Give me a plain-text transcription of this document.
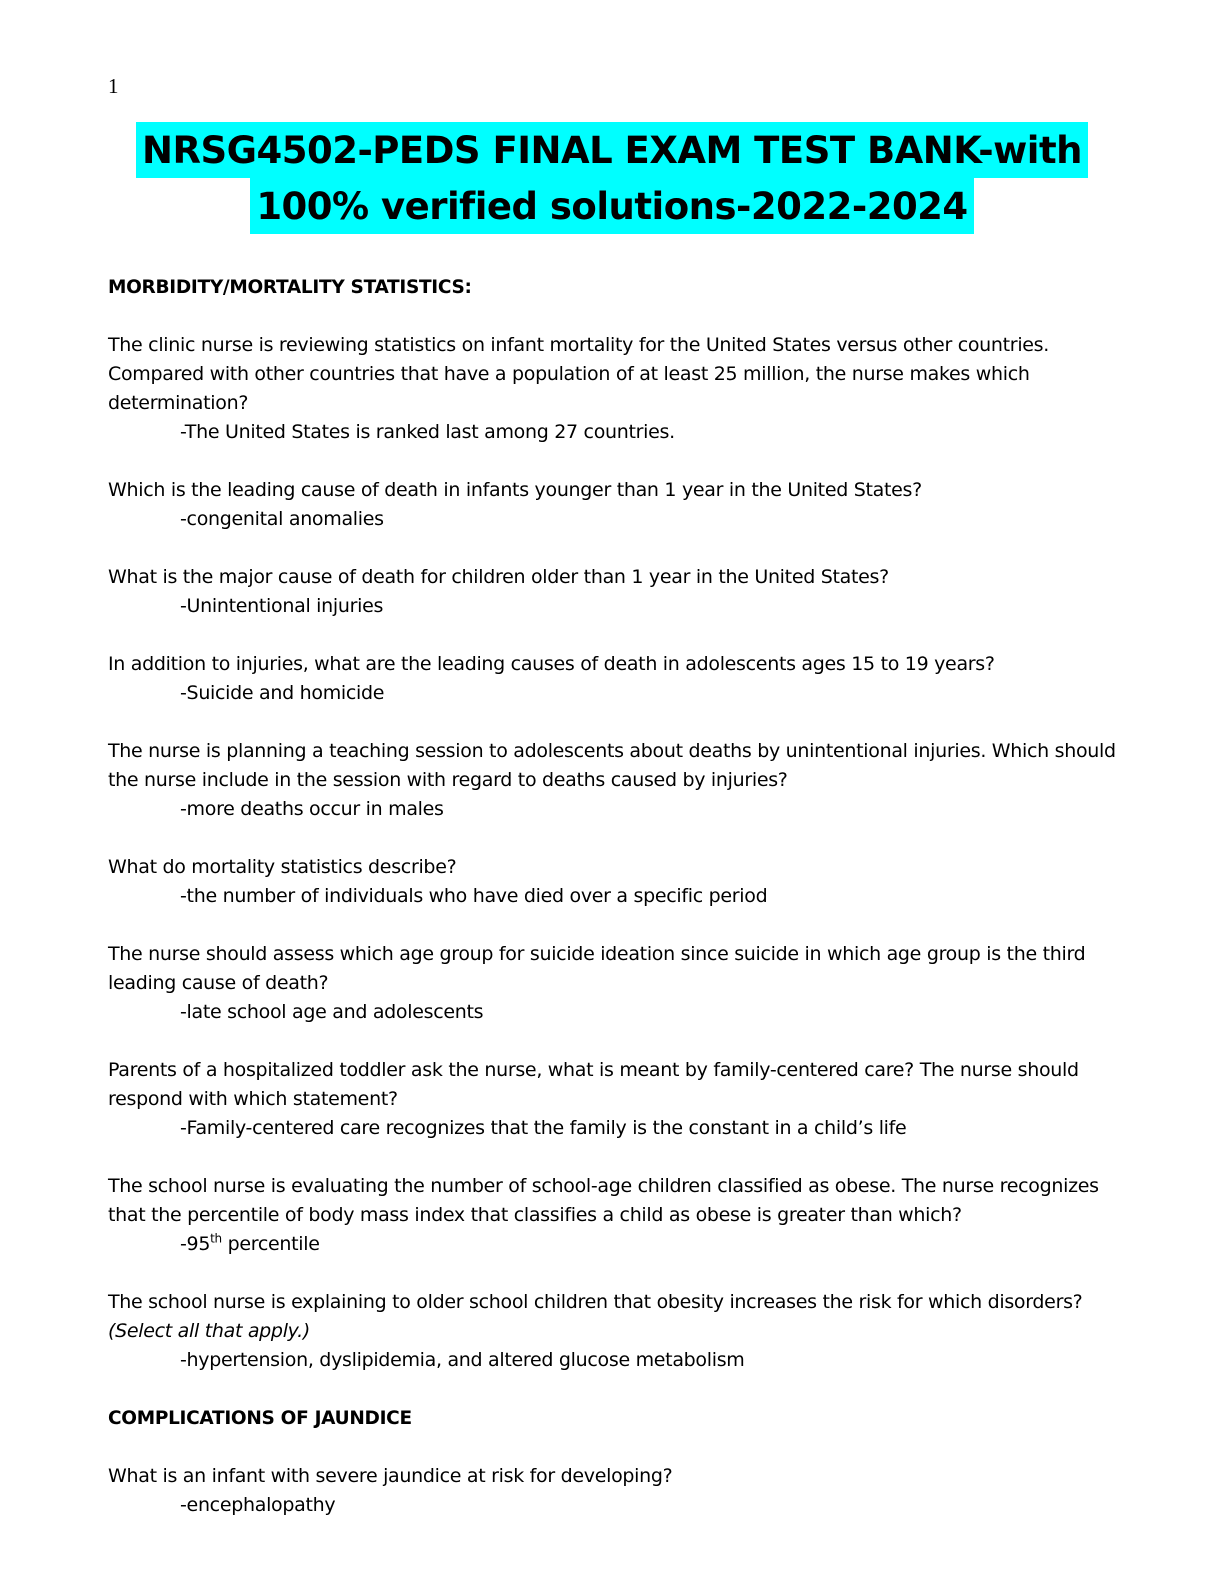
1
NRSG4502-PEDS FINAL EXAM TEST BANK-with
100% verified solutions-2022-2024

MORBIDITY/MORTALITY STATISTICS:

The clinic nurse is reviewing statistics on infant mortality for the United States versus other countries. Compared with other countries that have a population of at least 25 million, the nurse makes which determination?

-The United States is ranked last among 27 countries.

Which is the leading cause of death in infants younger than 1 year in the United States?

-congenital anomalies

What is the major cause of death for children older than 1 year in the United States?

-Unintentional injuries

In addition to injuries, what are the leading causes of death in adolescents ages 15 to 19 years?

-Suicide and homicide

The nurse is planning a teaching session to adolescents about deaths by unintentional injuries. Which should the nurse include in the session with regard to deaths caused by injuries?

-more deaths occur in males

What do mortality statistics describe?

-the number of individuals who have died over a specific period

The nurse should assess which age group for suicide ideation since suicide in which age group is the third leading cause of death?

-late school age and adolescents

Parents of a hospitalized toddler ask the nurse, what is meant by family-centered care? The nurse should respond with which statement?

-Family-centered care recognizes that the family is the constant in a child’s life

The school nurse is evaluating the number of school-age children classified as obese. The nurse recognizes that the percentile of body mass index that classifies a child as obese is greater than which?

-95th percentile

The school nurse is explaining to older school children that obesity increases the risk for which disorders? (Select all that apply.)

-hypertension, dyslipidemia, and altered glucose metabolism

COMPLICATIONS OF JAUNDICE

What is an infant with severe jaundice at risk for developing?

-encephalopathy
